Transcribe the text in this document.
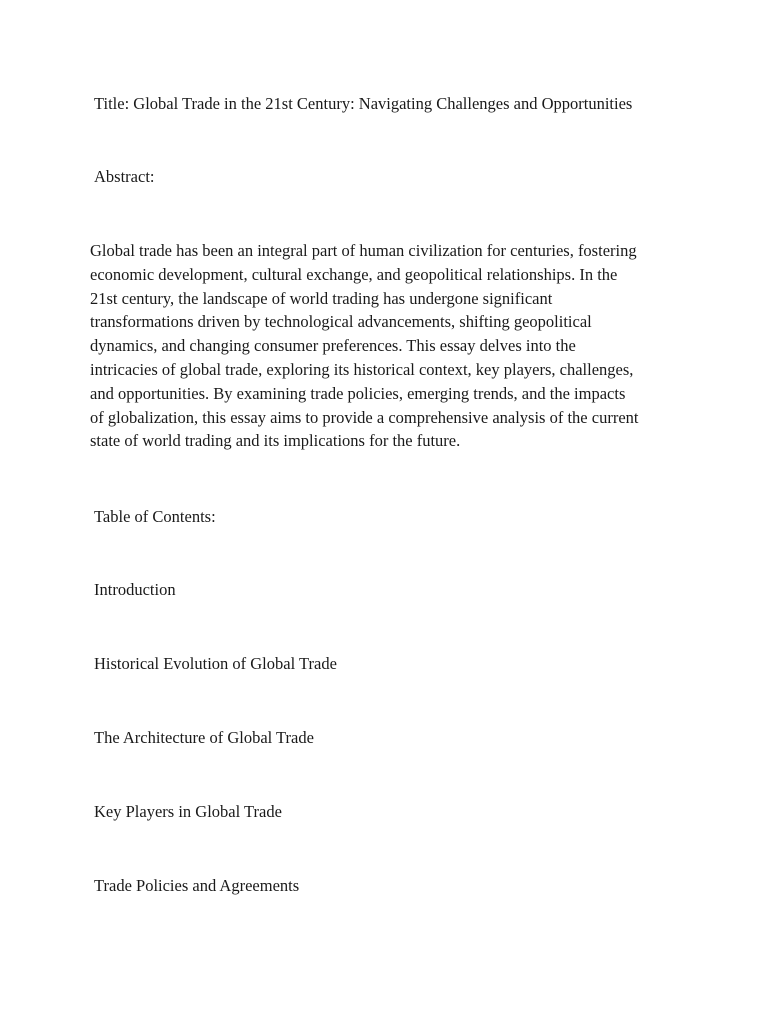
Title: Global Trade in the 21st Century: Navigating Challenges and Opportunities

Abstract:

Global trade has been an integral part of human civilization for centuries, fostering
economic development, cultural exchange, and geopolitical relationships. In the
21st century, the landscape of world trading has undergone significant
transformations driven by technological advancements, shifting geopolitical
dynamics, and changing consumer preferences. This essay delves into the
intricacies of global trade, exploring its historical context, key players, challenges,
and opportunities. By examining trade policies, emerging trends, and the impacts
of globalization, this essay aims to provide a comprehensive analysis of the current
state of world trading and its implications for the future.

Table of Contents:

Introduction
Historical Evolution of Global Trade
The Architecture of Global Trade
Key Players in Global Trade
Trade Policies and Agreements
